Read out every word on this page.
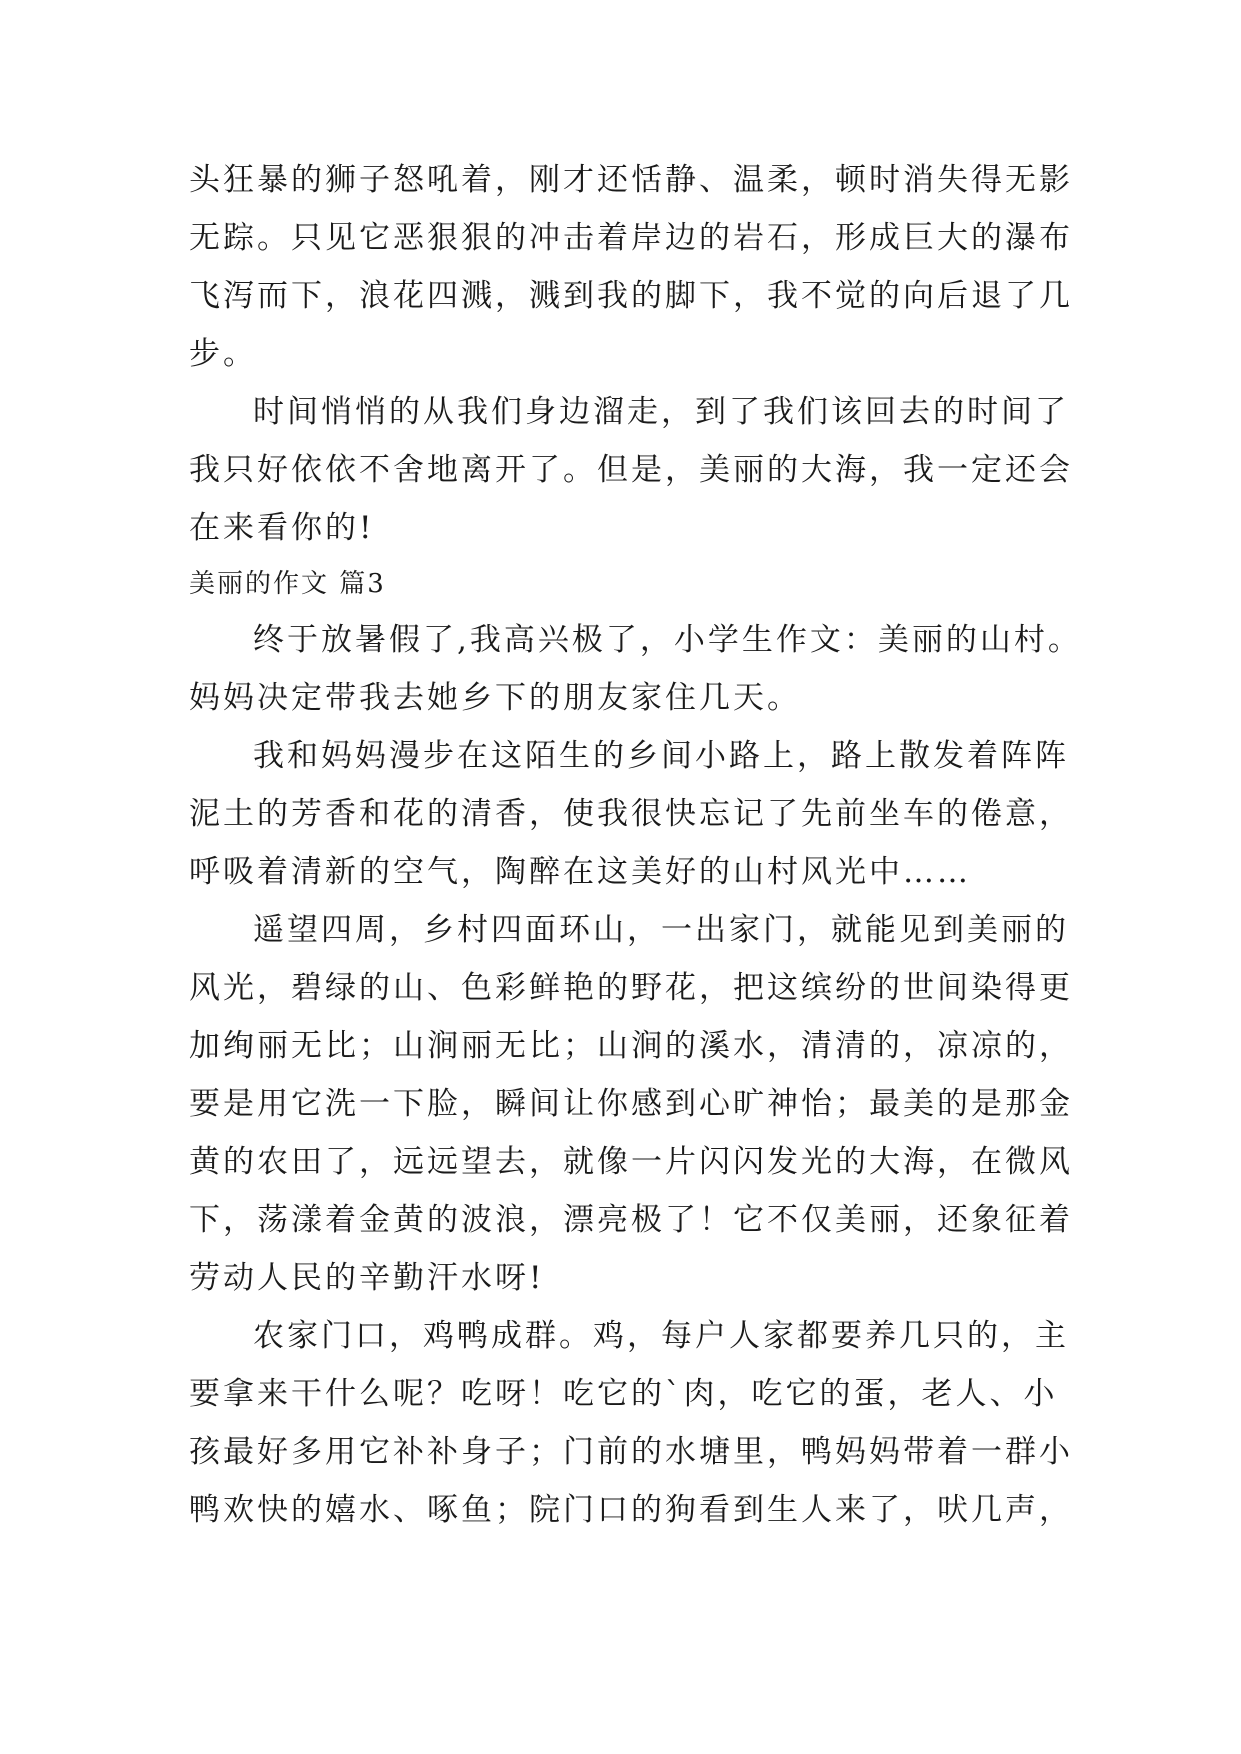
头狂暴的狮子怒吼着，刚才还恬静、温柔，顿时消失得无影
无踪。只见它恶狠狠的冲击着岸边的岩石，形成巨大的瀑布
飞泻而下，浪花四溅，溅到我的脚下，我不觉的向后退了几
步。
时间悄悄的从我们身边溜走，到了我们该回去的时间了
我只好依依不舍地离开了。但是，美丽的大海，我一定还会
在来看你的!
美丽的作文 篇3
终于放暑假了,我高兴极了，小学生作文：美丽的山村。
妈妈决定带我去她乡下的朋友家住几天。
我和妈妈漫步在这陌生的乡间小路上，路上散发着阵阵
泥土的芳香和花的清香，使我很快忘记了先前坐车的倦意，
呼吸着清新的空气，陶醉在这美好的山村风光中……
遥望四周，乡村四面环山，一出家门，就能见到美丽的
风光，碧绿的山、色彩鲜艳的野花，把这缤纷的世间染得更
加绚丽无比；山涧丽无比；山涧的溪水，清清的，凉凉的，
要是用它洗一下脸，瞬间让你感到心旷神怡；最美的是那金
黄的农田了，远远望去，就像一片闪闪发光的大海，在微风
下，荡漾着金黄的波浪，漂亮极了！它不仅美丽，还象征着
劳动人民的辛勤汗水呀!
农家门口，鸡鸭成群。鸡，每户人家都要养几只的，主
要拿来干什么呢？吃呀！吃它的`肉，吃它的蛋，老人、小
孩最好多用它补补身子；门前的水塘里，鸭妈妈带着一群小
鸭欢快的嬉水、啄鱼；院门口的狗看到生人来了，吠几声，
